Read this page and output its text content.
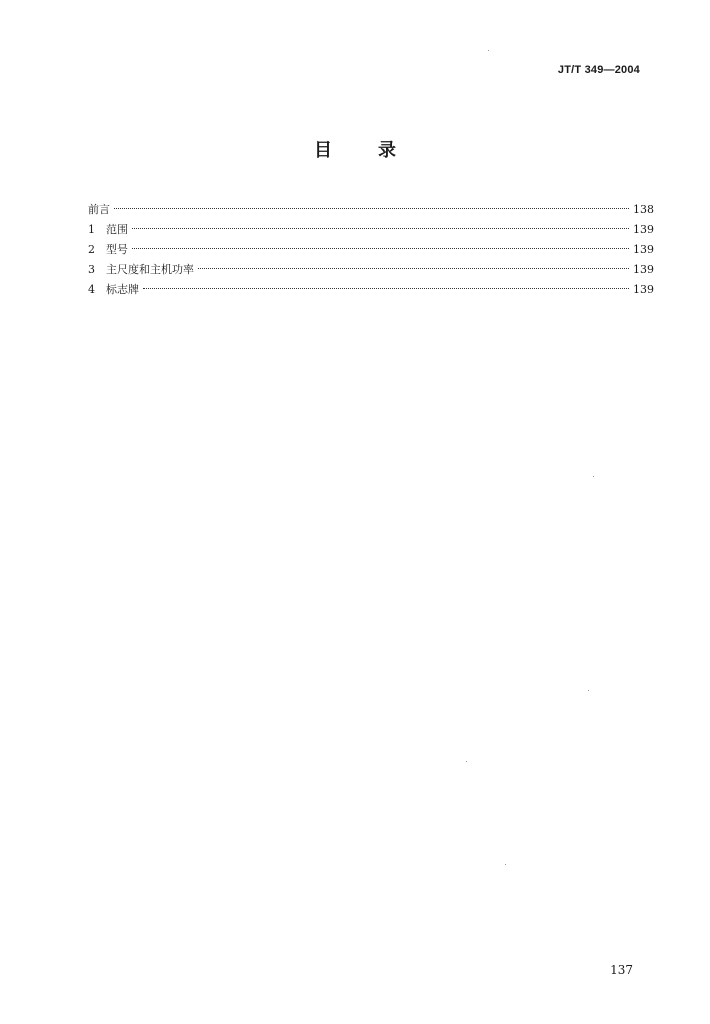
JT/T 349—2004
目	录
前言	138
1	范围	139
2	型号	139
3	主尺度和主机功率	139
4	标志牌	139
137
